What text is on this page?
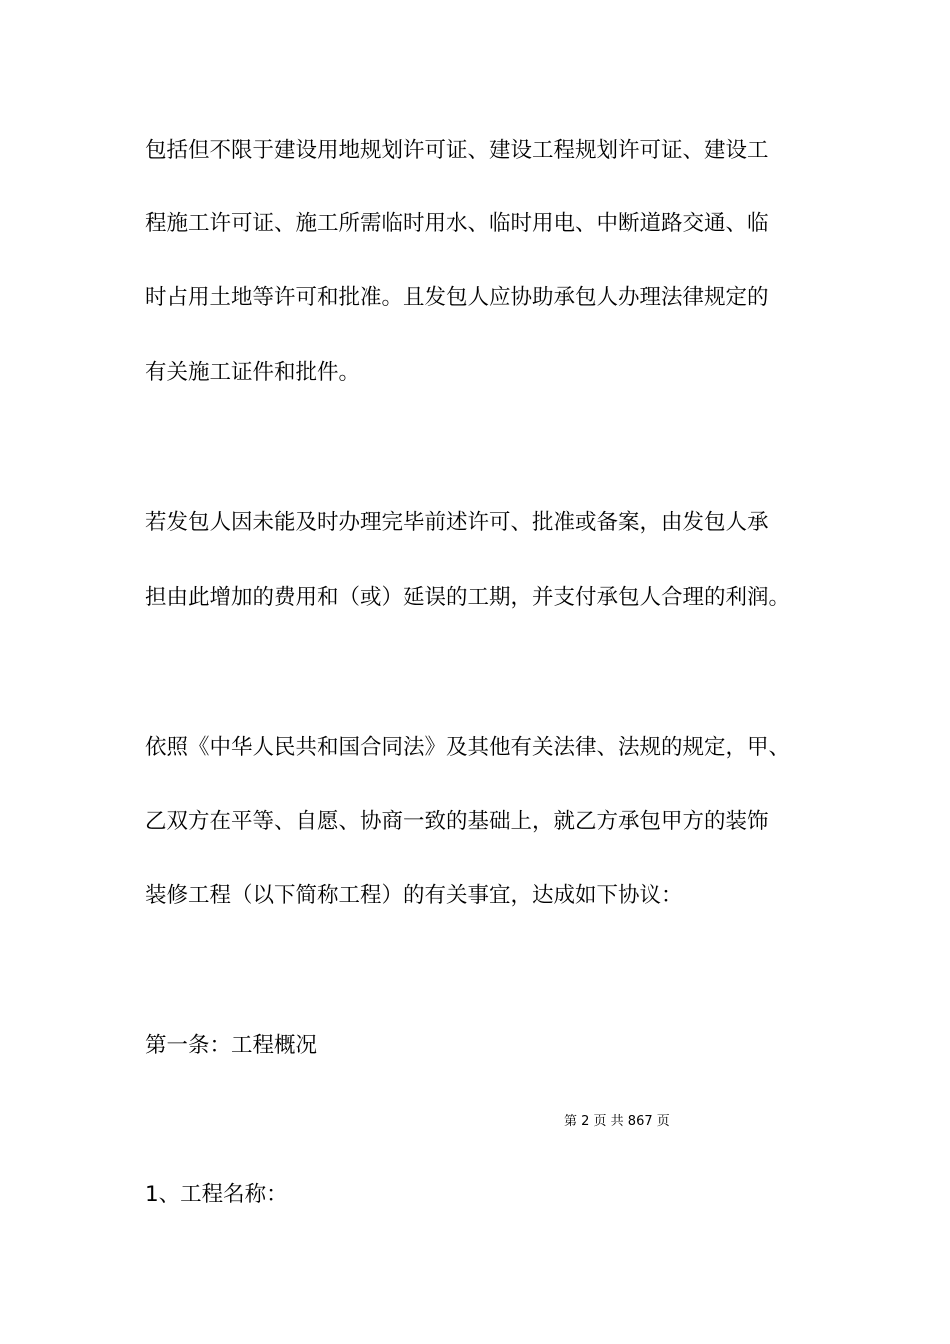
包括但不限于建设用地规划许可证、建设工程规划许可证、建设工
程施工许可证、施工所需临时用水、临时用电、中断道路交通、临
时占用土地等许可和批准。且发包人应协助承包人办理法律规定的
有关施工证件和批件。
若发包人因未能及时办理完毕前述许可、批准或备案，由发包人承
担由此增加的费用和（或）延误的工期，并支付承包人合理的利润。
依照《中华人民共和国合同法》及其他有关法律、法规的规定，甲、
乙双方在平等、自愿、协商一致的基础上，就乙方承包甲方的装饰
装修工程（以下简称工程）的有关事宜，达成如下协议：
第一条：工程概况
第 2 页 共 867 页
1、工程名称：
